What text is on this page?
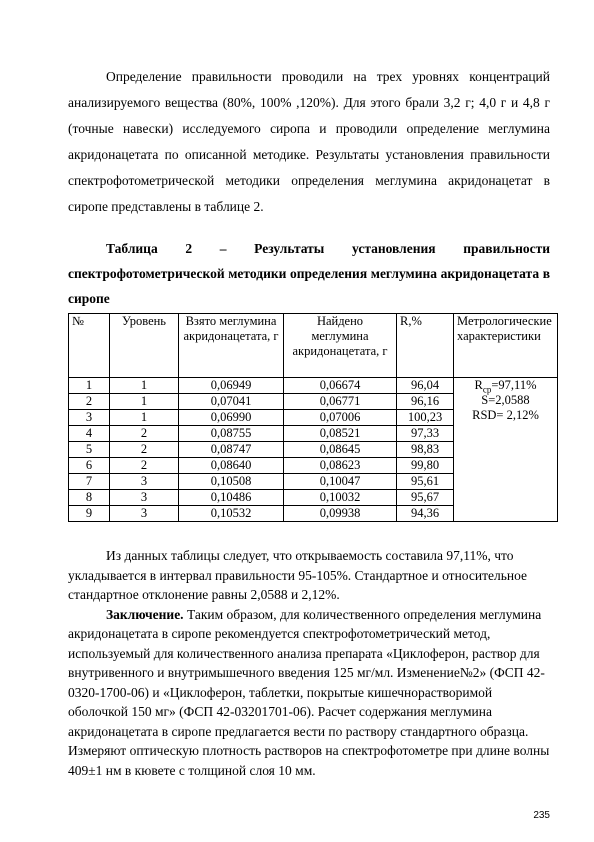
Определение правильности проводили на трех уровнях концентраций
анализируемого вещества (80%, 100% ,120%). Для этого брали 3,2 г; 4,0 г и 4,8 г (точные навески) исследуемого сиропа и проводили определение меглумина акридонацетата по описанной методике. Результаты установления правильности спектрофотометрической методики определения меглумина акридонацетат в сиропе представлены в таблице 2.
Таблица 2 – Результаты установления правильности спектрофотометрической методики определения меглумина акридонацетата в сиропе
№	Уровень	Взято меглумина акридонацетата, г	Найдено меглумина акридонацетата, г	R,%	Метрологические характеристики
1	1	0,06949	0,06674	96,04	$R_{ср}=97,11\%$
S=2,0588
RSD= 2,12%

2	1	0,07041	0,06771	96,16	
3	1	0,06990	0,07006	100,23	
4	2	0,08755	0,08521	97,33	
5	2	0,08747	0,08645	98,83	
6	2	0,08640	0,08623	99,80	
7	3	0,10508	0,10047	95,61	
8	3	0,10486	0,10032	95,67	
9	3	0,10532	0,09938	94,36	

Из данных таблицы следует, что открываемость составила 97,11%, что укладывается в интервал правильности 95-105%. Стандартное и относительное стандартное отклонение равны 2,0588 и 2,12%.

Заключение. Таким образом, для количественного определения меглумина акридонацетата в сиропе рекомендуется спектрофотометрический метод, используемый для количественного анализа препарата «Циклоферон, раствор для внутривенного и внутримышечного введения 125 мг/мл. Изменение№2» (ФСП 42-0320-1700-06) и «Циклоферон, таблетки, покрытые кишечнорастворимой оболочкой 150 мг» (ФСП 42-03201701-06). Расчет содержания меглумина акридонацетата в сиропе предлагается вести по раствору стандартного образца. Измеряют оптическую плотность растворов на спектрофотометре при длине волны 409±1 нм в кювете с толщиной слоя 10 мм.

235
